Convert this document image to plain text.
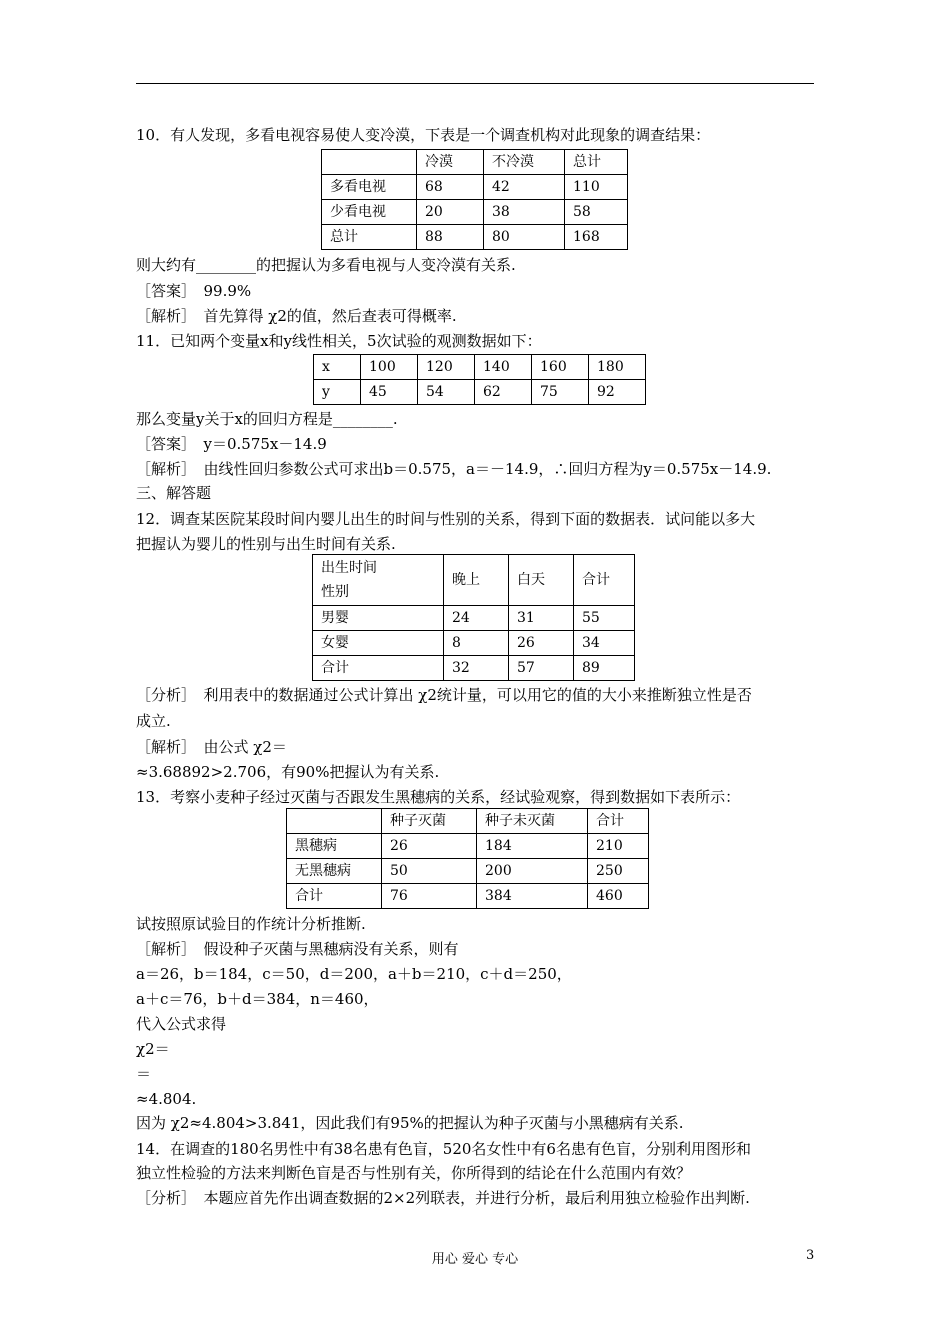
10．有人发现，多看电视容易使人变冷漠，下表是一个调查机构对此现象的调查结果：
	冷漠	不冷漠	总计
多看电视	68	42	110
少看电视	20	38	58
总计	88	80	168
则大约有________的把握认为多看电视与人变冷漠有关系.
［答案］　99.9%
［解析］　首先算得 χ2的值，然后查表可得概率.
11．已知两个变量x和y线性相关，5次试验的观测数据如下：
x	100	120	140	160	180
y	45	54	62	75	92
那么变量y关于x的回归方程是________.
［答案］　y＝0.575x－14.9
［解析］　由线性回归参数公式可求出b＝0.575，a＝－14.9，∴回归方程为y＝0.575x－14.9.
三、解答题
12．调查某医院某段时间内婴儿出生的时间与性别的关系，得到下面的数据表．试问能以多大
把握认为婴儿的性别与出生时间有关系.
出生时间
性别	晚上	白天	合计
男婴	24	31	55
女婴	8	26	34
合计	32	57	89
［分析］　利用表中的数据通过公式计算出 χ2统计量，可以用它的值的大小来推断独立性是否
成立.
［解析］　由公式 χ2＝
≈3.68892>2.706，有90%把握认为有关系.
13．考察小麦种子经过灭菌与否跟发生黑穗病的关系，经试验观察，得到数据如下表所示：
	种子灭菌	种子未灭菌	合计
黑穗病	26	184	210
无黑穗病	50	200	250
合计	76	384	460
试按照原试验目的作统计分析推断.
［解析］　假设种子灭菌与黑穗病没有关系，则有
a＝26，b＝184，c＝50，d＝200，a＋b＝210，c＋d＝250，
a＋c＝76，b＋d＝384，n＝460，
代入公式求得
χ2＝
＝
≈4.804.
因为 χ2≈4.804>3.841，因此我们有95%的把握认为种子灭菌与小黑穗病有关系.
14．在调查的180名男性中有38名患有色盲，520名女性中有6名患有色盲，分别利用图形和
独立性检验的方法来判断色盲是否与性别有关，你所得到的结论在什么范围内有效？
［分析］　本题应首先作出调查数据的2×2列联表，并进行分析，最后利用独立检验作出判断.
用心 爱心 专心	3
